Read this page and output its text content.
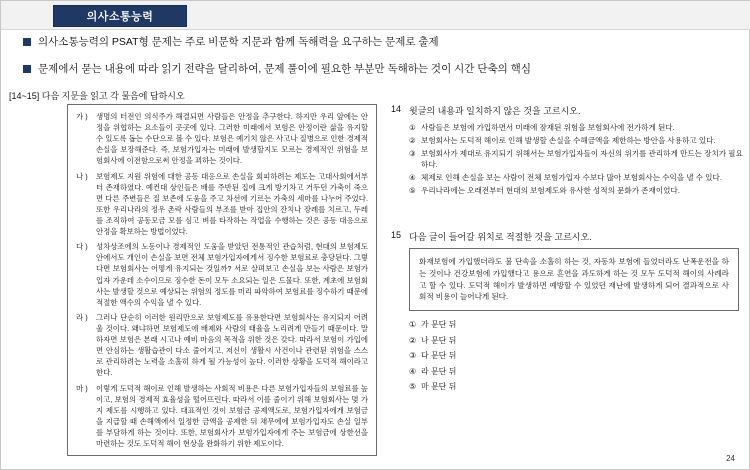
의사소통능력
의사소통능력의 PSAT형 문제는 주로 비문학 지문과 함께 독해력을 요구하는 문제로 출제
문제에서 묻는 내용에 따라 읽기 전략을 달리하여, 문제 풀이에 필요한 부분만 독해하는 것이 시간 단축의 핵심
[14~15] 다음 지문을 읽고 각 물음에 답하시오
가 )	생명의 터전인 의식주가 해결되면 사람들은 안정을 추구한다. 하지만 우리 앞에는 안정을 위협하는 요소들이 곳곳에 있다. 그러한 미래에서 보험은 안정이란 삶을 유지할 수 있도록 돕는 수단으로 볼 수 있다. 보험은 예기치 않은 사고나 질병으로 인한 경제적 손실을 보장해준다. 즉, 보험가입자는 미래에 발생할지도 모르는 경제적인 위험을 보험회사에 이전함으로써 안정을 꾀하는 것이다.
나 )	보험제도 지원 위험에 대한 공동 대응으로 손실을 회피하려는 제도는 고대사회에서부터 존재하였다. 예컨대 상인들은 배를 주반된 집에 크게 방기차고 거두던 가축이 죽으면 다른 주변들은 질 보존에 도움을 주고 차선에 기르는 가축의 세마를 나누어 주었다. 또한 우리나라의 정우 촌락 사람들의 부조를 받아 집안의 잔치나 장례를 치르고, 두레를 조직하여 공동모금 모를 심고 벼를 타작하는 작업을 수행하는 것은 공동 대응으로 안정을 확보하는 방법이었다.
다 )	성차상조에의 노동이나 경제적인 도움을 받았던 전통적인 관습처럼, 현대의 보험제도 안에서도 개인이 손실을 보면 전체 보험가입자에게서 징수한 보험료로 충당된다. 그렇다면 보험회사는 어떻게 유지되는 것일까? 서로 살펴보고 손실을 보는 사람은 보험가입자 가운데 소수이므로 징수한 돈이 모두 소요되는 일은 드물다. 또한, 계초에 보험회사는 발생할 것으로 예상되는 위험의 정도를 미리 파악하여 보험료를 징수하기 때문에 적절한 액수의 수익을 낼 수 있다.
라 )	그러나 단순히 이러한 원리만으로 보험제도를 유용한다면 보험회사는 유지되지 어려울 것이다. 왜냐하면 보험제도에 배제와 사람의 태율을 노리려게 만들기 때문이다. 말하자면 보험은 본래 시고나 예비 마음의 목적을 위한 것은 갖다. 따라서 보험이 가입에면 안심하는 생활습관이 다소 줄어지고, 저신이 생활시 사건이나 관련된 위험을 스스로 관리하려는 노력을 소홀히 하게 될 가능성이 높다. 이러한 상황을 도덕적 해이라고 한다.
마 )	이렇게 도덕적 해이로 인해 발생하는 사회적 비용은 다른 보험가입자들의 보험료를 높이고, 보험의 경제적 효율성을 떨어뜨린다. 따라서 이를 줄이기 위해 보험회사는 몇 가지 제도를 시행하고 있다. 대표적인 것이 보험금 공제액도로, 보험가입자에게 보험금을 지급할 때 손해액에서 일정한 금액을 공제한 뒤 채무에에 보험가입자도 손실 일부를 부담하게 하는 것이다. 또한, 보험회사가 보험가입자에게 주는 보험금에 상한선을 마련하는 것도 도덕적 해이 현상을 완화하기 위한 제도이다.
14 윗글의 내용과 일치하지 않은 것을 고르시오.
① 사람들은 보험에 가입하면서 미래에 잠재된 위험을 보험회사에 전가하게 된다.
② 보험회사는 도덕적 해이로 인해 발생할 손실을 수해금액을 제한하는 방안을 사용하고 있다.
③ 보험회사가 제대로 유지되기 위해서는 보험가입자들이 자신의 위기를 관리하게 만드는 장치가 필요하다.
④ 체제로 인해 손실을 보는 사람이 전체 보험가입자 수보다 많아 보험회사는 수익을 낼 수 있다.
⑤ 우리나라에는 오래전부터 현대의 보험제도와 유사한 성적의 문화가 존재이었다.
15 다음 글이 들어갈 위치로 적절한 것을 고르시오.
화재보험에 가입했더라도 불 단속을 소홀히 하는 것, 자동차 보험에 들었더라도 난폭운전을 하는 것이나 건강보험에 가입했다고 용으로 흔연을 과도하게 하는 것 모두 도덕적 해이의 사례라고 할 수 있다. 도덕적 해이가 발생하면 예방할 수 있었던 재난에 발생하게 되어 결과적으로 사회적 비용이 늘어나게 된다.
① 가 문단 뒤
② 나 문단 뒤
③ 다 문단 뒤
④ 라 문단 뒤
⑤ 마 문단 뒤
24
